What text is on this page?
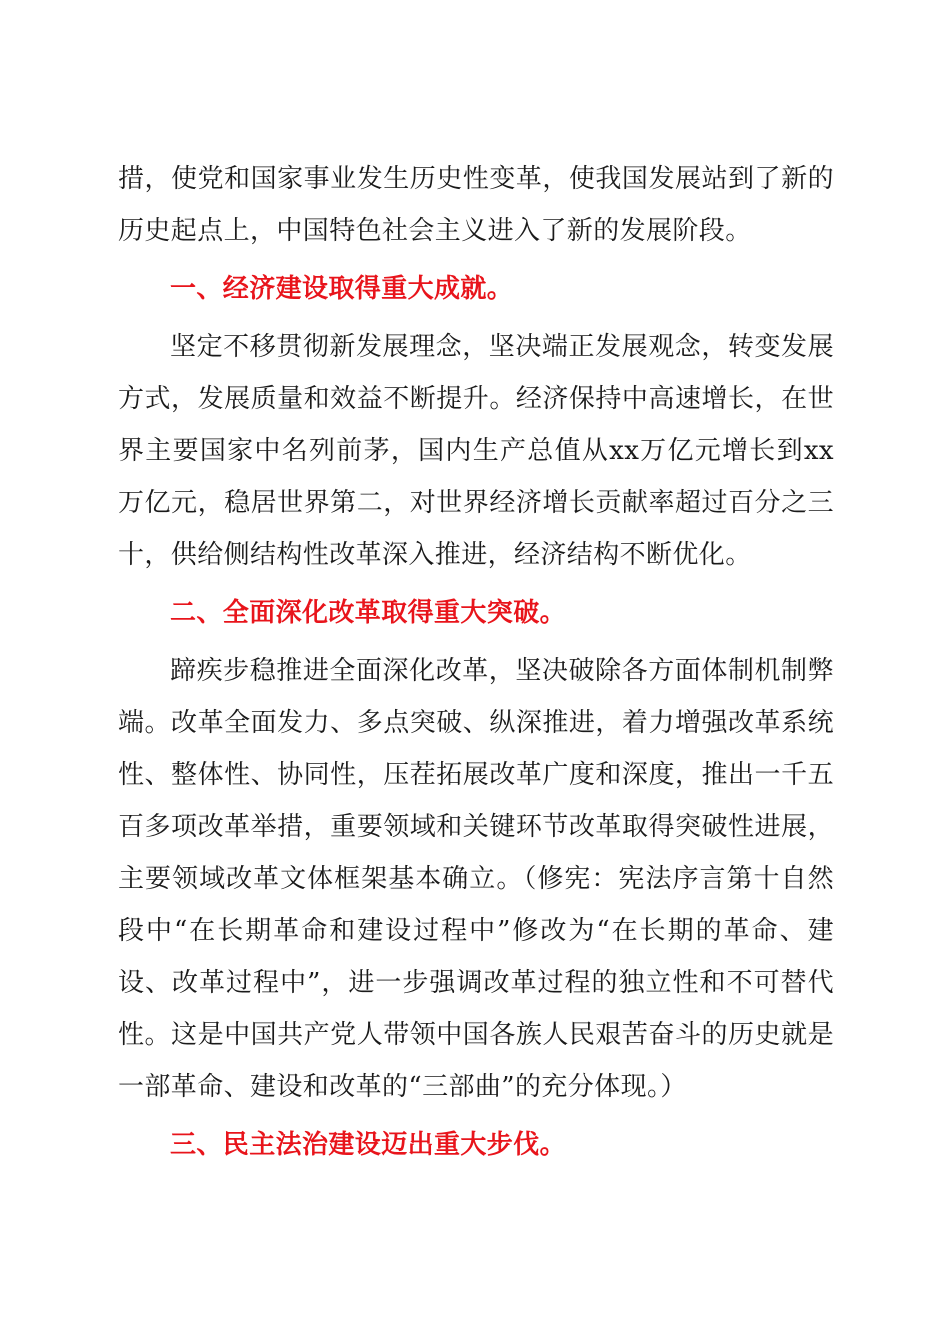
措，使党和国家事业发生历史性变革，使我国发展站到了新的历史起点上，中国特色社会主义进入了新的发展阶段。

一、经济建设取得重大成就。

坚定不移贯彻新发展理念，坚决端正发展观念，转变发展方式，发展质量和效益不断提升。经济保持中高速增长，在世界主要国家中名列前茅，国内生产总值从xx万亿元增长到xx万亿元，稳居世界第二，对世界经济增长贡献率超过百分之三十，供给侧结构性改革深入推进，经济结构不断优化。

二、全面深化改革取得重大突破。

蹄疾步稳推进全面深化改革，坚决破除各方面体制机制弊端。改革全面发力、多点突破、纵深推进，着力增强改革系统性、整体性、协同性，压茬拓展改革广度和深度，推出一千五百多项改革举措，重要领域和关键环节改革取得突破性进展，主要领域改革文体框架基本确立。（修宪：宪法序言第十自然段中“在长期革命和建设过程中”修改为“在长期的革命、建设、改革过程中”，进一步强调改革过程的独立性和不可替代性。这是中国共产党人带领中国各族人民艰苦奋斗的历史就是一部革命、建设和改革的“三部曲”的充分体现。）

三、民主法治建设迈出重大步伐。
